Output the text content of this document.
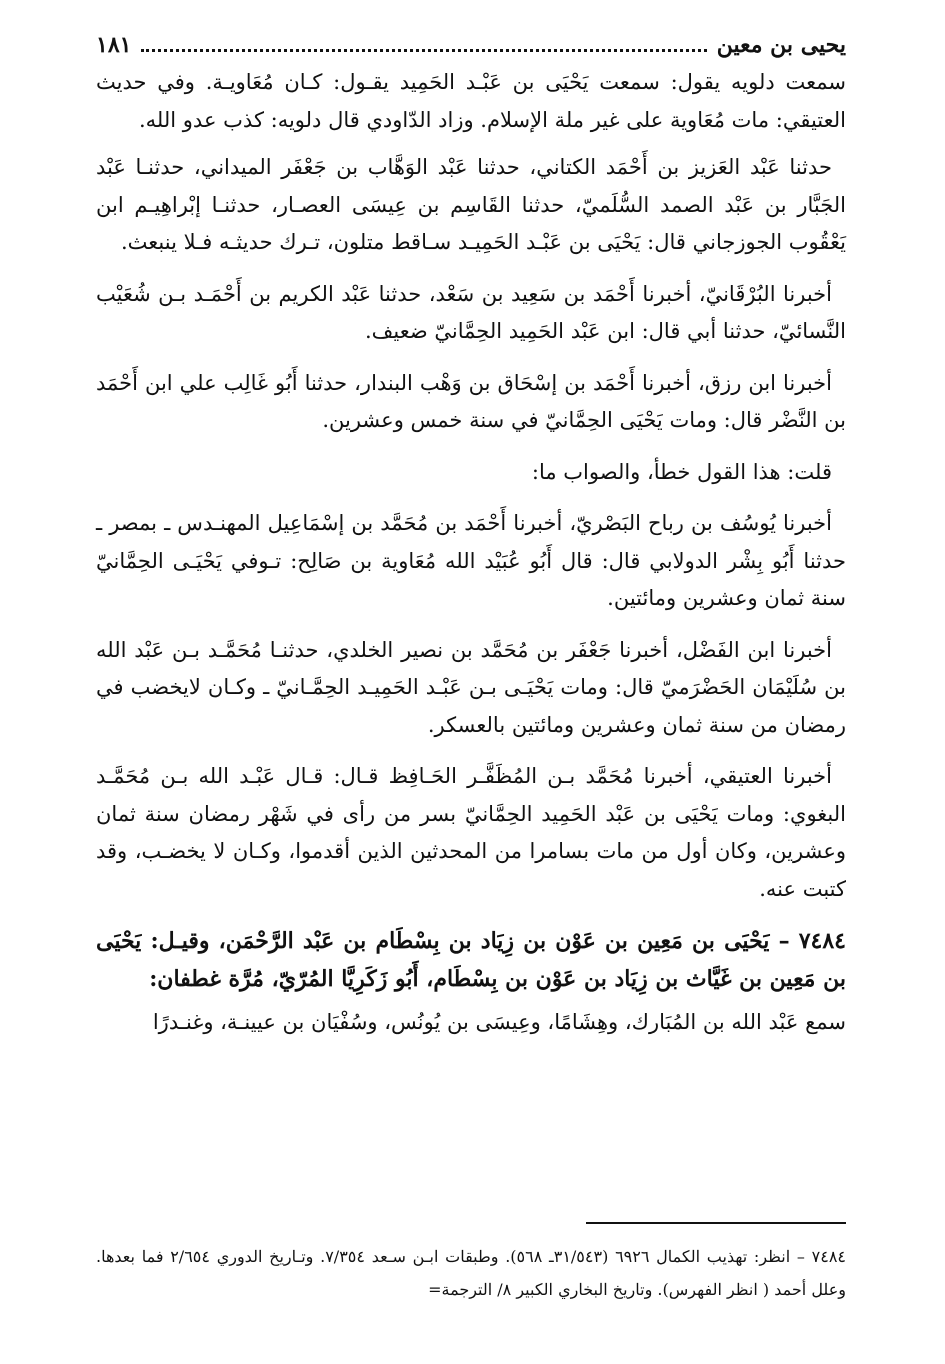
يحيى بن معين
١٨١

سمعت دلويه يقول: سمعت يَحْيَى بن عَبْـد الحَمِيد يقـول: كـان مُعَاويـة. وفي حديث العتيقي: مات مُعَاوية على غير ملة الإسلام. وزاد الدّاودي قال دلويه: كذب عدو الله.

حدثنا عَبْد العَزيز بن أَحْمَد الكتاني، حدثنا عَبْد الوَهَّاب بن جَعْفَر الميداني، حدثنـا عَبْد الجَبَّار بن عَبْد الصمد السُّلَميّ، حدثنا القَاسِم بن عِيسَى العصـار، حدثنـا إبْراهِيـم ابن يَعْقُوب الجوزجاني قال: يَحْيَى بن عَبْـد الحَمِيـد سـاقط متلون، تـرك حديثـه فـلا ينبعث.

أخبرنا البُرْقَانيّ، أخبرنا أَحْمَد بن سَعِيد بن سَعْد، حدثنا عَبْد الكريم بن أَحْمَـد بـن شُعَيْب النَّسائيّ، حدثنا أبي قال: ابن عَبْد الحَمِيد الحِمَّانيّ ضعيف.

أخبرنا ابن رزق، أخبرنا أَحْمَد بن إسْحَاق بن وَهْب البندار، حدثنا أَبُو غَالِب علي ابن أَحْمَد بن النَّضْر قال: ومات يَحْيَى الحِمَّانيّ في سنة خمس وعشرين.

قلت: هذا القول خطأ، والصواب ما:

أخبرنا يُوسُف بن رباح البَصْريّ، أخبرنا أَحْمَد بن مُحَمَّد بن إسْمَاعِيل المهنـدس ـ بمصر ـ حدثنا أَبُو بِشْر الدولابي قال: قال أَبُو عُبَيْد الله مُعَاوية بن صَالِح: تـوفي يَحْيَـى الحِمَّانيّ سنة ثمان وعشرين ومائتين.

أخبرنا ابن الفَضْل، أخبرنا جَعْفَر بن مُحَمَّد بن نصير الخلدي، حدثنـا مُحَمَّـد بـن عَبْد الله بن سُلَيْمَان الحَضْرَميّ قال: ومات يَحْيَـى بـن عَبْـد الحَمِيـد الحِمَّـانيّ ـ وكـان لايخضب في رمضان من سنة ثمان وعشرين ومائتين بالعسكر.

أخبرنا العتيقي، أخبرنا مُحَمَّد بـن المُظَفَّـر الحَـافِظ قـال: قـال عَبْـد الله بـن مُحَمَّـد البغوي: ومات يَحْيَى بن عَبْد الحَمِيد الحِمَّانيّ بسر من رأى في شَهْر رمضان سنة ثمان وعشرين، وكان أول من مات بسامرا من المحدثين الذين أقدموا، وكـان لا يخضـب، وقد كتبت عنه.

٧٤٨٤ – يَحْيَى بن مَعِين بن عَوْن بن زِيَاد بن بِسْطَام بن عَبْد الرَّحْمَن، وقيـل: يَحْيَى بن مَعِين بن غَيَّاث بن زِيَاد بن عَوْن بن بِسْطَام، أَبُو زَكَرِيَّا المُرّيّ، مُرَّة غطفان:

سمع عَبْد الله بن المُبَارك، وهِشَامًا، وعِيسَى بن يُونُس، وسُفْيَان بن عيينـة، وغنـدرًا

٧٤٨٤ – انظر: تهذيب الكمال ٦٩٢٦ (٣١/٥٤٣ـ ٥٦٨). وطبقات ابـن سـعد ٧/٣٥٤. وتـاريخ الدوري ٢/٦٥٤ فما بعدها. وعلل أحمد ( انظر الفهرس). وتاريخ البخاري الكبير ٨/ الترجمة=
